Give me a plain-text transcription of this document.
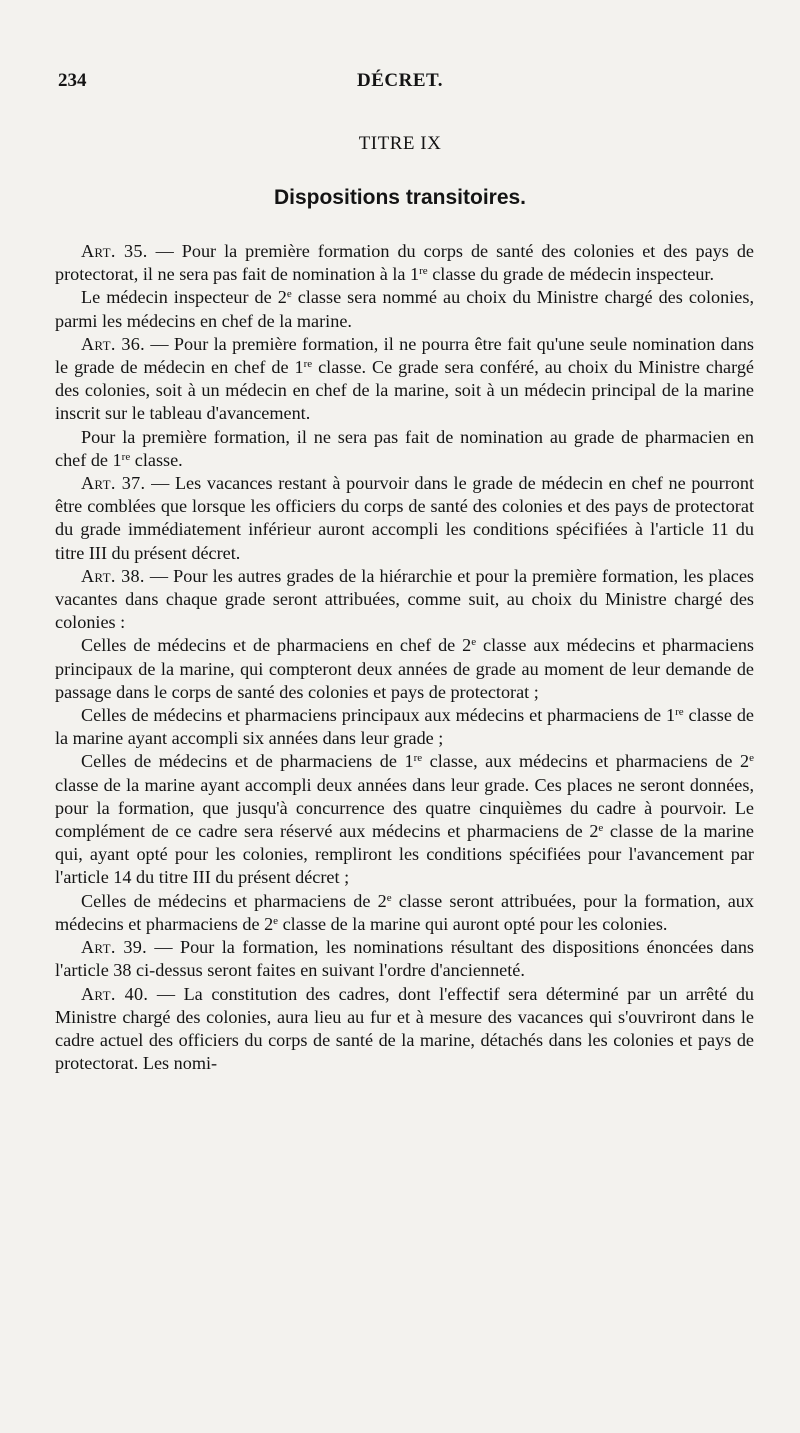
234	DÉCRET.
TITRE IX
Dispositions transitoires.

Art. 35. — Pour la première formation du corps de santé des colonies et des pays de protectorat, il ne sera pas fait de nomination à la 1re classe du grade de médecin inspecteur.

Le médecin inspecteur de 2e classe sera nommé au choix du Ministre chargé des colonies, parmi les médecins en chef de la marine.

Art. 36. — Pour la première formation, il ne pourra être fait qu'une seule nomination dans le grade de médecin en chef de 1re classe. Ce grade sera conféré, au choix du Ministre chargé des colonies, soit à un médecin en chef de la marine, soit à un médecin principal de la marine inscrit sur le tableau d'avancement.

Pour la première formation, il ne sera pas fait de nomination au grade de pharmacien en chef de 1re classe.

Art. 37. — Les vacances restant à pourvoir dans le grade de médecin en chef ne pourront être comblées que lorsque les officiers du corps de santé des colonies et des pays de protectorat du grade immédiatement inférieur auront accompli les conditions spécifiées à l'article 11 du titre III du présent décret.

Art. 38. — Pour les autres grades de la hiérarchie et pour la première formation, les places vacantes dans chaque grade seront attribuées, comme suit, au choix du Ministre chargé des colonies :

Celles de médecins et de pharmaciens en chef de 2e classe aux médecins et pharmaciens principaux de la marine, qui compteront deux années de grade au moment de leur demande de passage dans le corps de santé des colonies et pays de protectorat ;

Celles de médecins et pharmaciens principaux aux médecins et pharmaciens de 1re classe de la marine ayant accompli six années dans leur grade ;

Celles de médecins et de pharmaciens de 1re classe, aux médecins et pharmaciens de 2e classe de la marine ayant accompli deux années dans leur grade. Ces places ne seront données, pour la formation, que jusqu'à concurrence des quatre cinquièmes du cadre à pourvoir. Le complément de ce cadre sera réservé aux médecins et pharmaciens de 2e classe de la marine qui, ayant opté pour les colonies, rempliront les conditions spécifiées pour l'avancement par l'article 14 du titre III du présent décret ;

Celles de médecins et pharmaciens de 2e classe seront attribuées, pour la formation, aux médecins et pharmaciens de 2e classe de la marine qui auront opté pour les colonies.

Art. 39. — Pour la formation, les nominations résultant des dispositions énoncées dans l'article 38 ci-dessus seront faites en suivant l'ordre d'ancienneté.

Art. 40. — La constitution des cadres, dont l'effectif sera déterminé par un arrêté du Ministre chargé des colonies, aura lieu au fur et à mesure des vacances qui s'ouvriront dans le cadre actuel des officiers du corps de santé de la marine, détachés dans les colonies et pays de protectorat. Les nomi-
